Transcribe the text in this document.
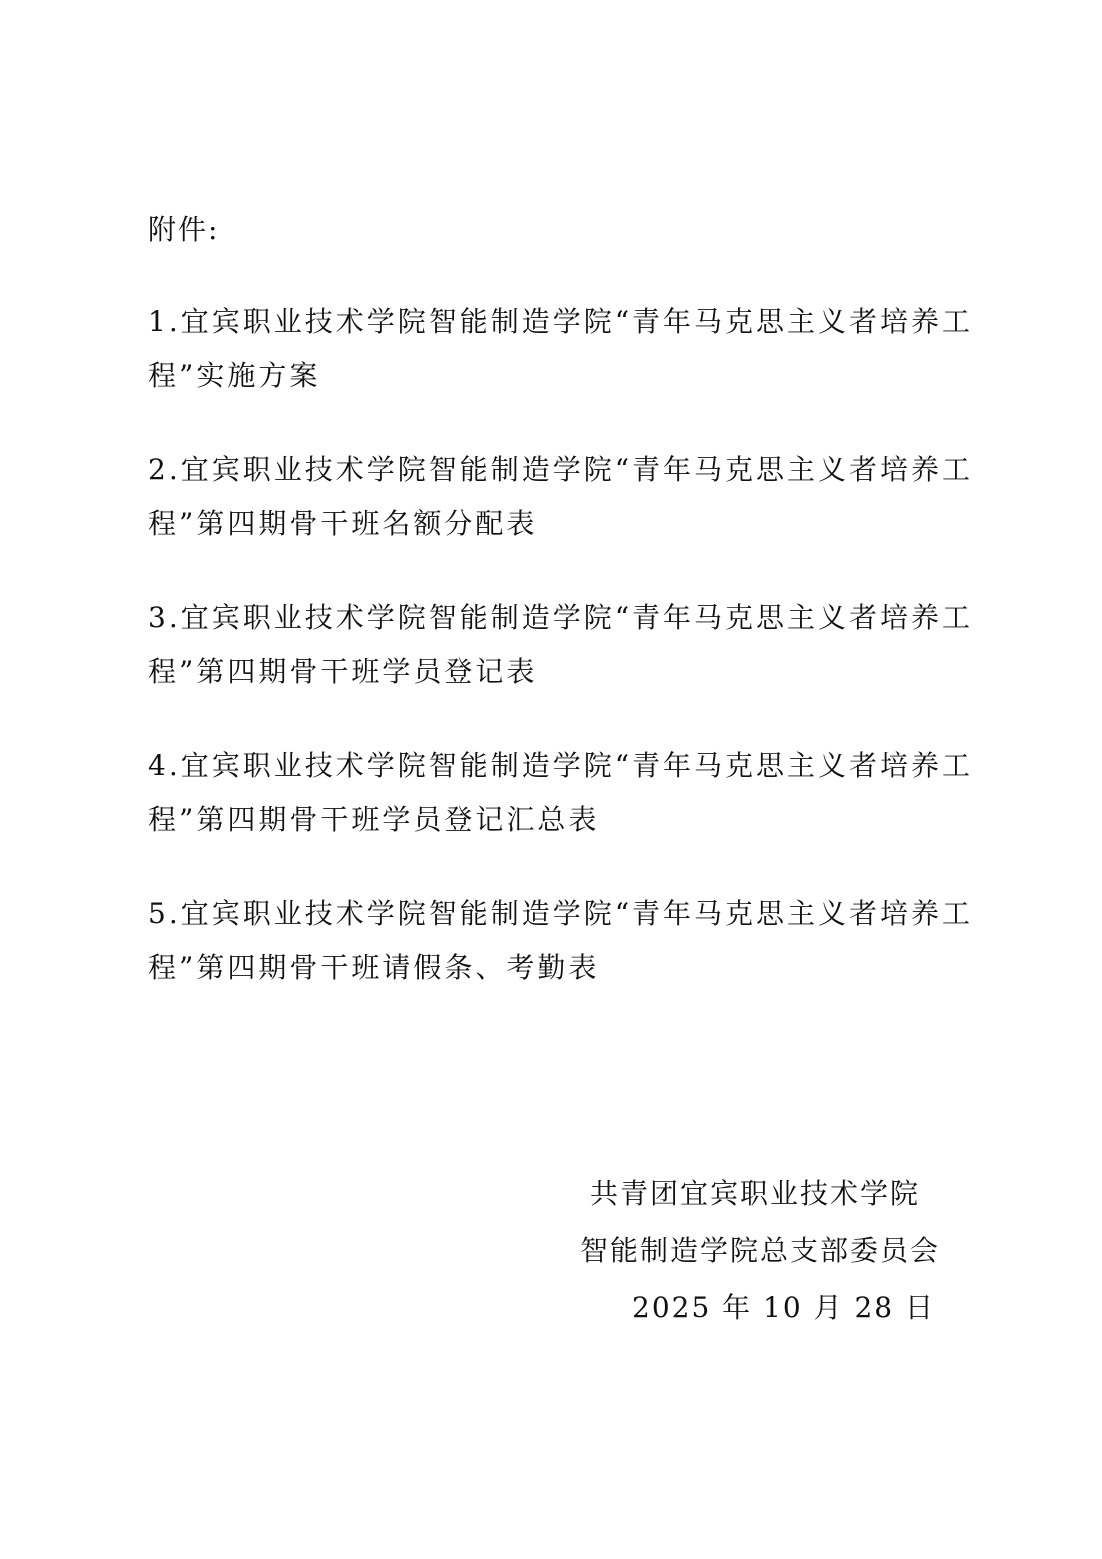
附件:
1.宜宾职业技术学院智能制造学院“青年马克思主义者培养工
程”实施方案
2.宜宾职业技术学院智能制造学院“青年马克思主义者培养工
程”第四期骨干班名额分配表
3.宜宾职业技术学院智能制造学院“青年马克思主义者培养工
程”第四期骨干班学员登记表
4.宜宾职业技术学院智能制造学院“青年马克思主义者培养工
程”第四期骨干班学员登记汇总表
5.宜宾职业技术学院智能制造学院“青年马克思主义者培养工
程”第四期骨干班请假条、考勤表
共青团宜宾职业技术学院
智能制造学院总支部委员会
2025 年 10 月 28 日
